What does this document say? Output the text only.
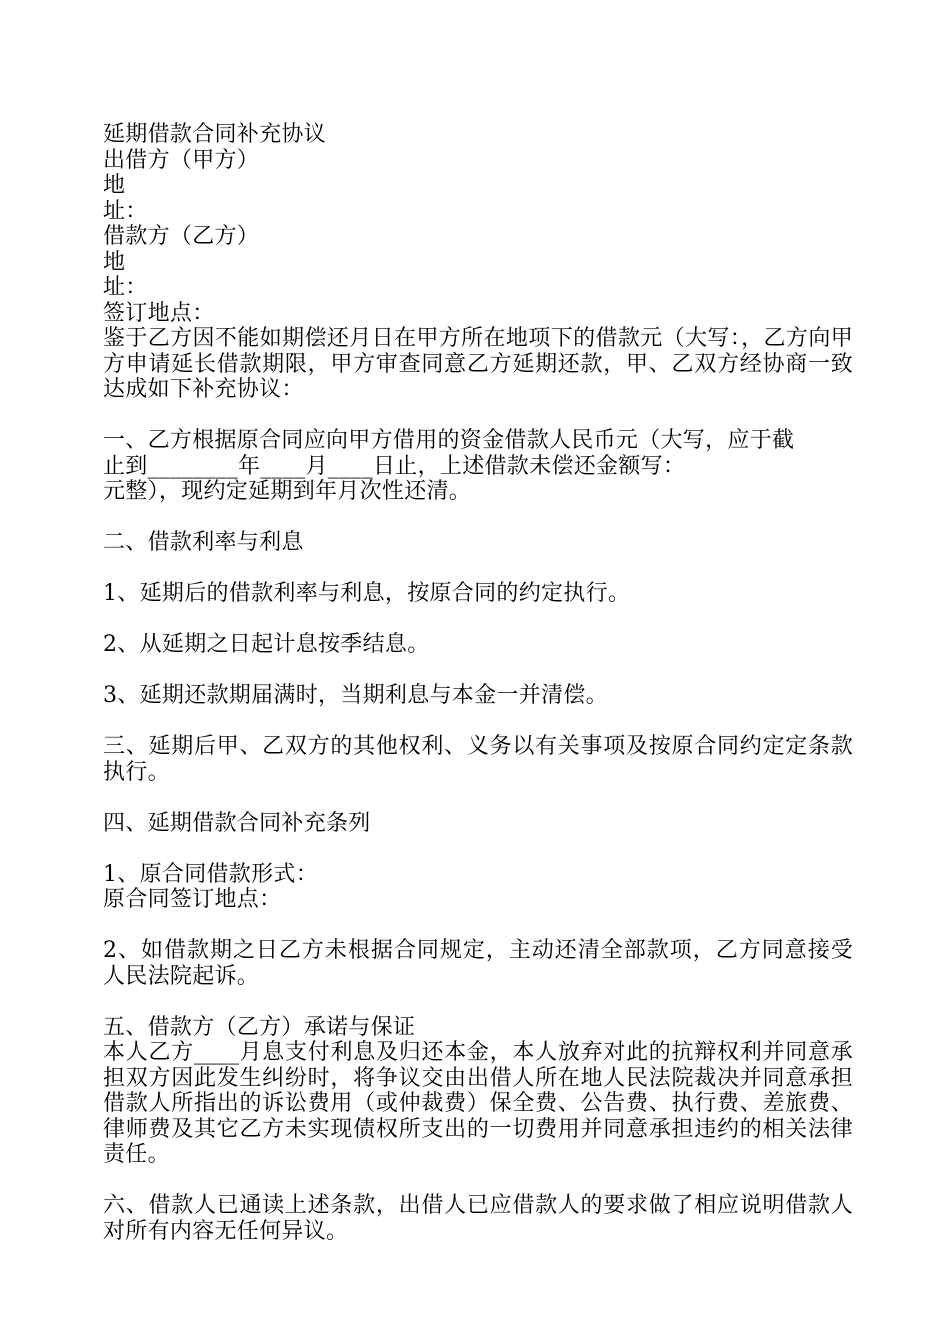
延期借款合同补充协议
出借方（甲方）
地
址：
借款方（乙方）
地
址：
签订地点：

鉴于乙方因不能如期偿还月日在甲方所在地项下的借款元（大写：，乙方向甲方申请延长借款期限，甲方审查同意乙方延期还款，甲、乙双方经协商一致达成如下补充协议：

一、乙方根据原合同应向甲方借用的资金借款人民币元（大写，应于截
止到________年____月____日止，上述借款未偿还金额写：
元整），现约定延期到年月次性还清。
二、借款利率与利息
1、延期后的借款利率与利息，按原合同的约定执行。
2、从延期之日起计息按季结息。
3、延期还款期届满时，当期利息与本金一并清偿。

三、延期后甲、乙双方的其他权利、义务以有关事项及按原合同约定定条款执行。

四、延期借款合同补充条列
1、原合同借款形式：
原合同签订地点：

2、如借款期之日乙方未根据合同规定，主动还清全部款项，乙方同意接受人民法院起诉。

五、借款方（乙方）承诺与保证

本人乙方____月息支付利息及归还本金，本人放弃对此的抗辩权利并同意承担双方因此发生纠纷时，将争议交由出借人所在地人民法院裁决并同意承担借款人所指出的诉讼费用（或仲裁费）保全费、公告费、执行费、差旅费、律师费及其它乙方未实现债权所支出的一切费用并同意承担违约的相关法律责任。

六、借款人已通读上述条款，出借人已应借款人的要求做了相应说明借款人对所有内容无任何异议。
